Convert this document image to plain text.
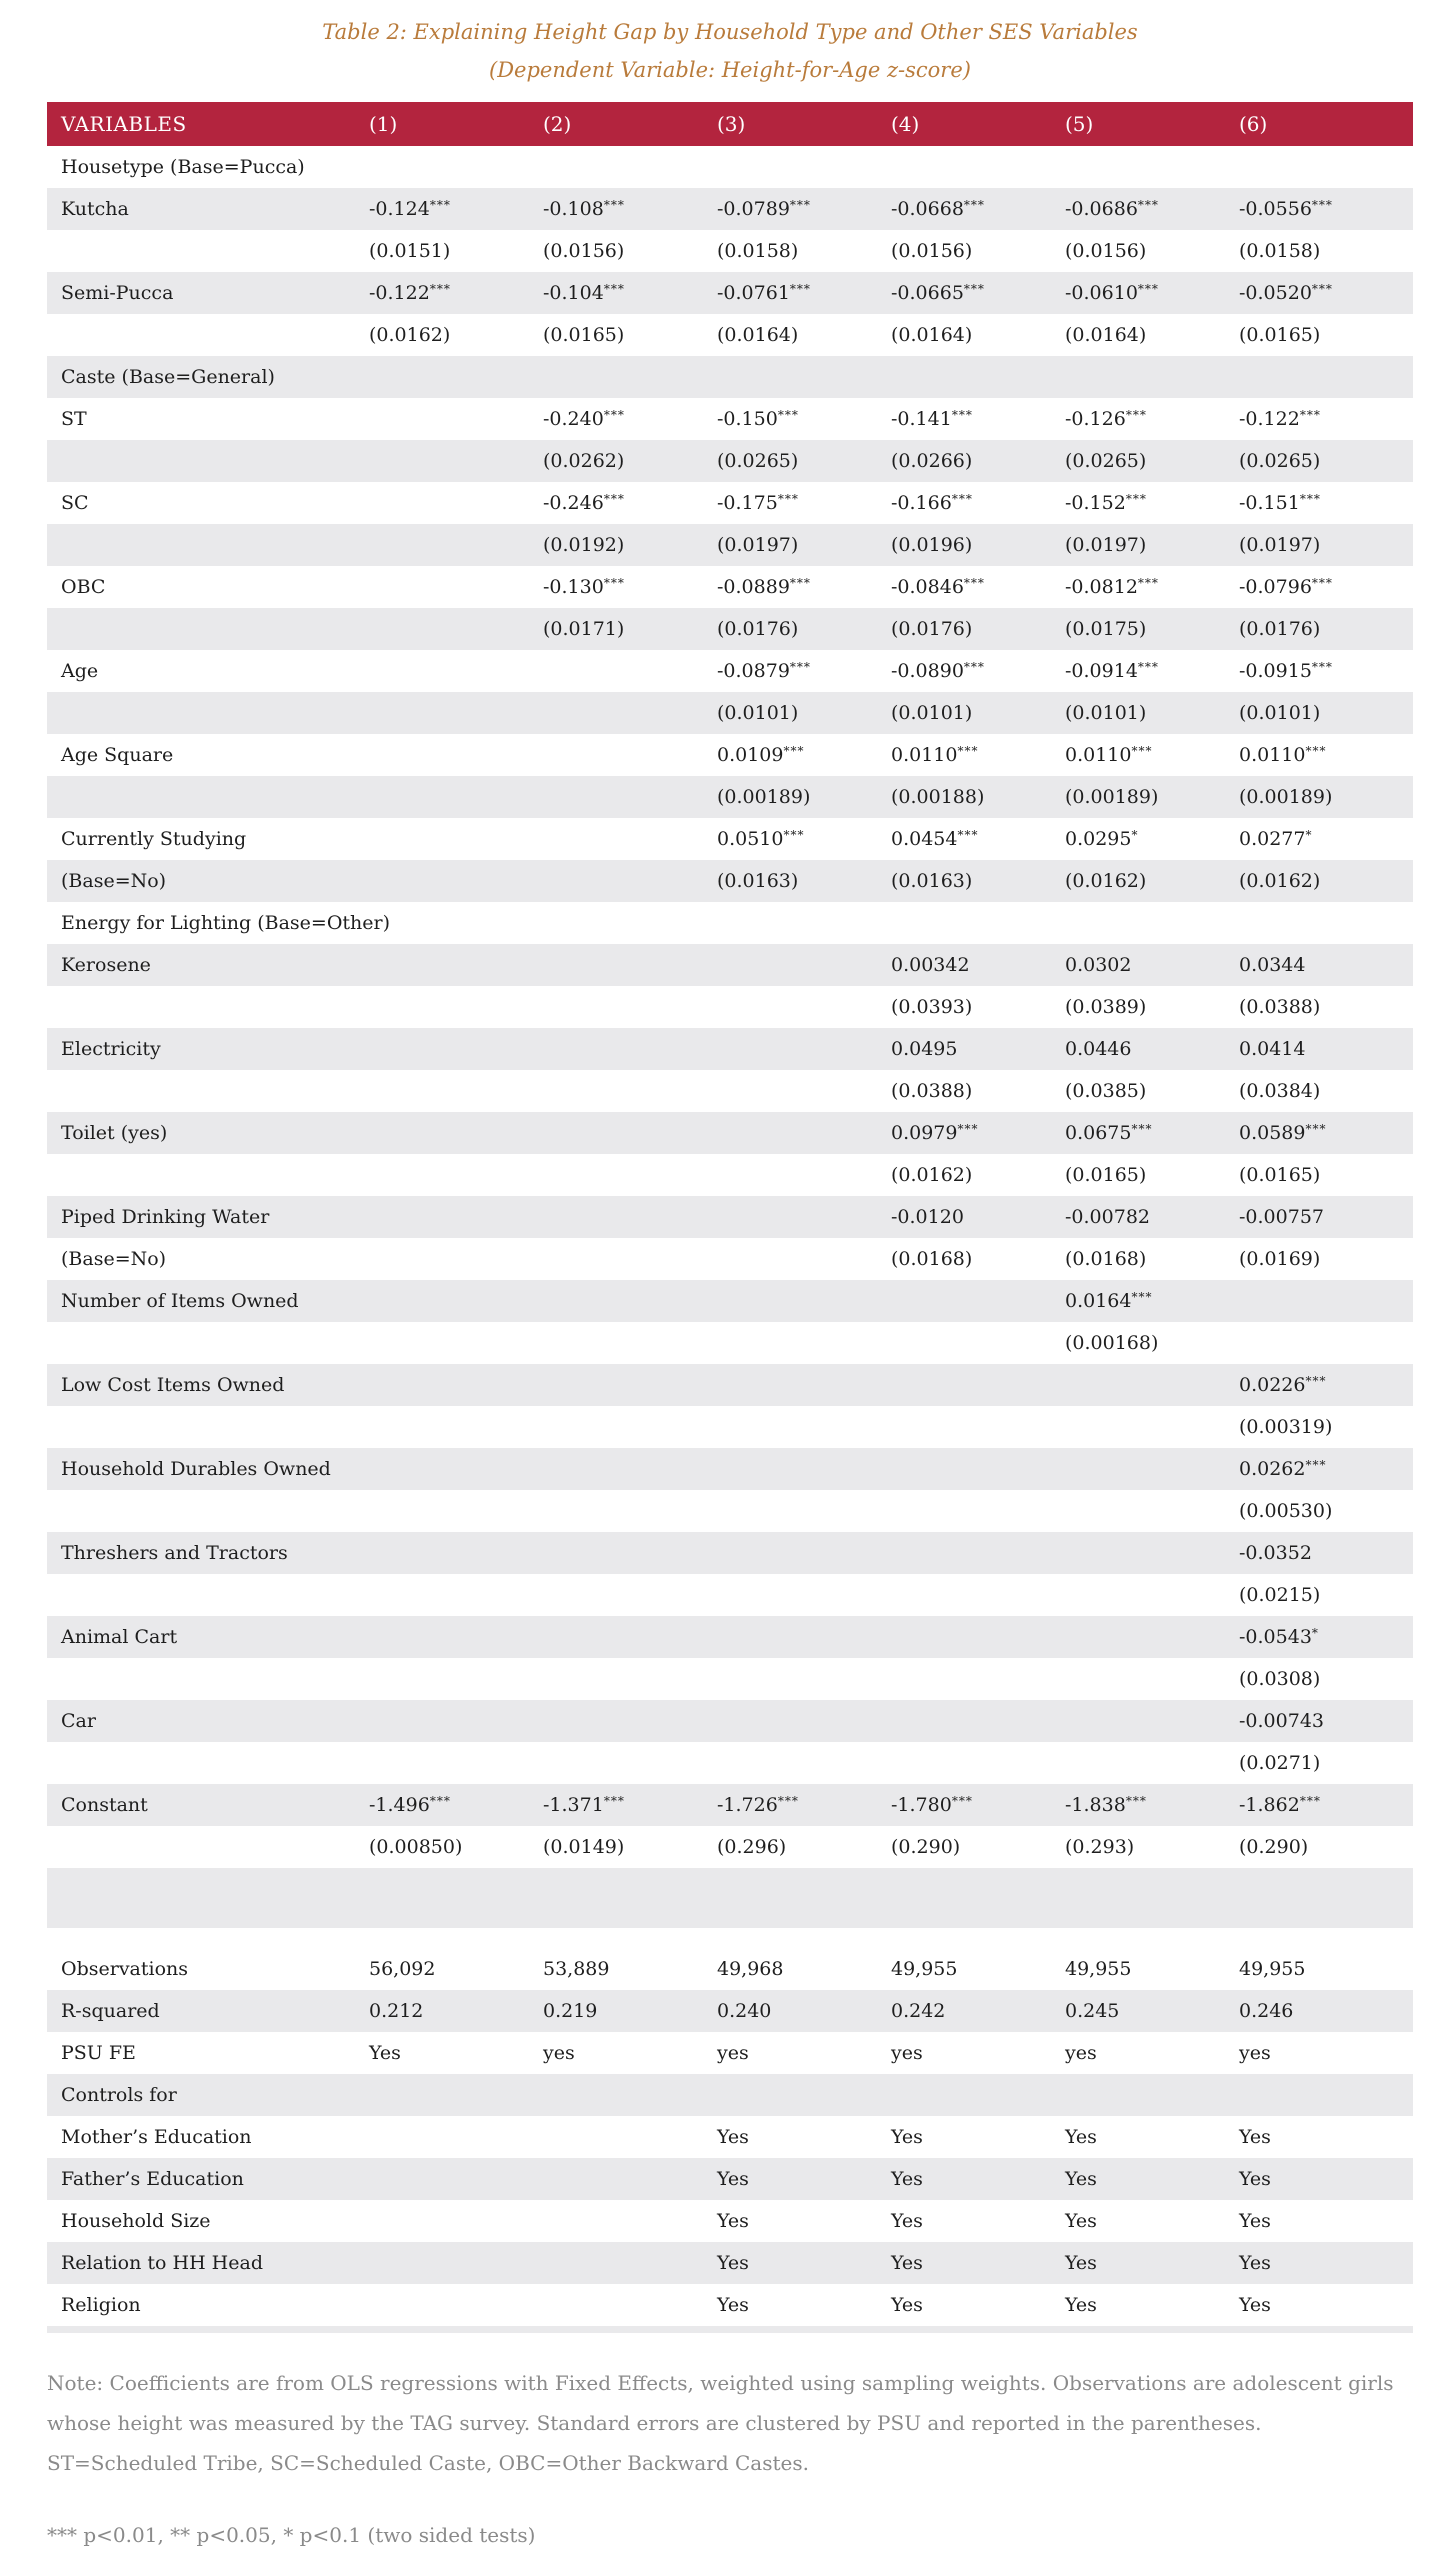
Table 2: Explaining Height Gap by Household Type and Other SES Variables
(Dependent Variable: Height-for-Age z-score)
VARIABLES	(1)	(2)	(3)	(4)	(5)	(6)
Housetype (Base=Pucca)						
Kutcha	-0.124***	-0.108***	-0.0789***	-0.0668***	-0.0686***	-0.0556***
	(0.0151)	(0.0156)	(0.0158)	(0.0156)	(0.0156)	(0.0158)
Semi-Pucca	-0.122***	-0.104***	-0.0761***	-0.0665***	-0.0610***	-0.0520***
	(0.0162)	(0.0165)	(0.0164)	(0.0164)	(0.0164)	(0.0165)
Caste (Base=General)						
ST		-0.240***	-0.150***	-0.141***	-0.126***	-0.122***
		(0.0262)	(0.0265)	(0.0266)	(0.0265)	(0.0265)
SC		-0.246***	-0.175***	-0.166***	-0.152***	-0.151***
		(0.0192)	(0.0197)	(0.0196)	(0.0197)	(0.0197)
OBC		-0.130***	-0.0889***	-0.0846***	-0.0812***	-0.0796***
		(0.0171)	(0.0176)	(0.0176)	(0.0175)	(0.0176)
Age			-0.0879***	-0.0890***	-0.0914***	-0.0915***
			(0.0101)	(0.0101)	(0.0101)	(0.0101)
Age Square			0.0109***	0.0110***	0.0110***	0.0110***
			(0.00189)	(0.00188)	(0.00189)	(0.00189)
Currently Studying			0.0510***	0.0454***	0.0295*	0.0277*
(Base=No)			(0.0163)	(0.0163)	(0.0162)	(0.0162)
Energy for Lighting (Base=Other)						
Kerosene				0.00342	0.0302	0.0344
				(0.0393)	(0.0389)	(0.0388)
Electricity				0.0495	0.0446	0.0414
				(0.0388)	(0.0385)	(0.0384)
Toilet (yes)				0.0979***	0.0675***	0.0589***
				(0.0162)	(0.0165)	(0.0165)
Piped Drinking Water				-0.0120	-0.00782	-0.00757
(Base=No)				(0.0168)	(0.0168)	(0.0169)
Number of Items Owned					0.0164***	
					(0.00168)	
Low Cost Items Owned						0.0226***
						(0.00319)
Household Durables Owned						0.0262***
						(0.00530)
Threshers and Tractors						-0.0352
						(0.0215)
Animal Cart						-0.0543*
						(0.0308)
Car						-0.00743
						(0.0271)
Constant	-1.496***	-1.371***	-1.726***	-1.780***	-1.838***	-1.862***
	(0.00850)	(0.0149)	(0.296)	(0.290)	(0.293)	(0.290)

Observations	56,092	53,889	49,968	49,955	49,955	49,955
R-squared	0.212	0.219	0.240	0.242	0.245	0.246
PSU FE	Yes	yes	yes	yes	yes	yes
Controls for						
Mother’s Education			Yes	Yes	Yes	Yes
Father’s Education			Yes	Yes	Yes	Yes
Household Size			Yes	Yes	Yes	Yes
Relation to HH Head			Yes	Yes	Yes	Yes
Religion			Yes	Yes	Yes	Yes

Note: Coefficients are from OLS regressions with Fixed Effects, weighted using sampling weights. Observations are adolescent girls whose height was measured by the TAG survey. Standard errors are clustered by PSU and reported in the parentheses. ST=Scheduled Tribe, SC=Scheduled Caste, OBC=Other Backward Castes.

*** p<0.01, ** p<0.05, * p<0.1 (two sided tests)
